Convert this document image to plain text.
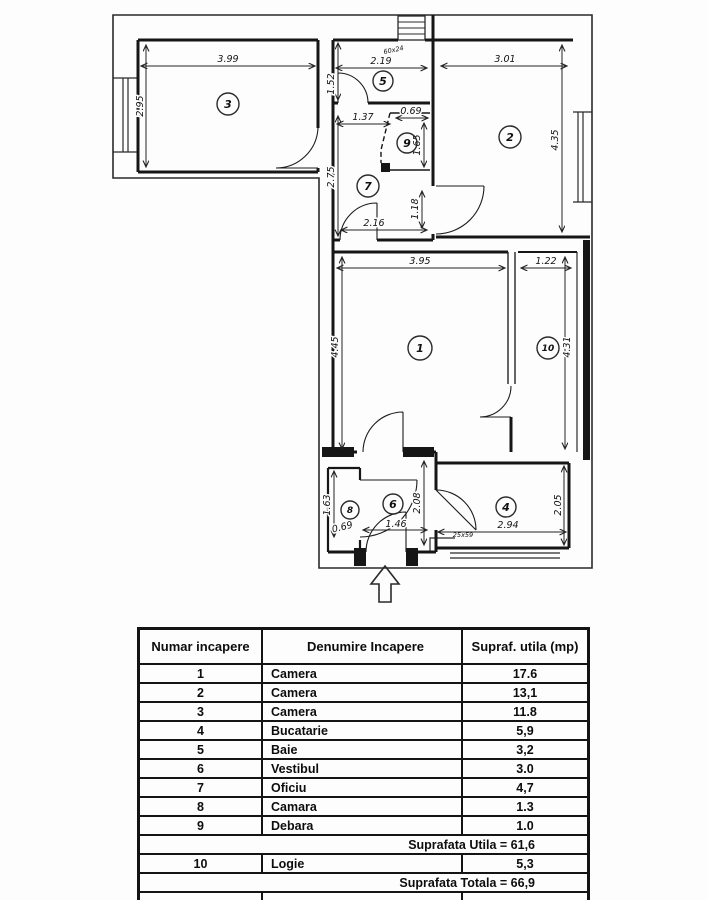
3.99
2.95
2.19
1.52
60x24
0.69
1.65
1.37
2.75
2.16
1.18
3.01
4.35
3.95
4.45
1.22
4.31
1.63
0.69	1.46
2.08
2.94
2.05
25x59
3
5
9
7
2
1	10
8	6	4
Numar incapere	Denumire Incapere	Supraf. utila (mp)
1	Camera	17.6
2	Camera	13,1
3	Camera	11.8
4	Bucatarie	5,9
5	Baie	3,2
6	Vestibul	3.0
7	Oficiu	4,7
8	Camara	1.3
9	Debara	1.0
Suprafata Utila = 61,6		
10	Logie	5,3
Suprafata Totala = 66,9		
